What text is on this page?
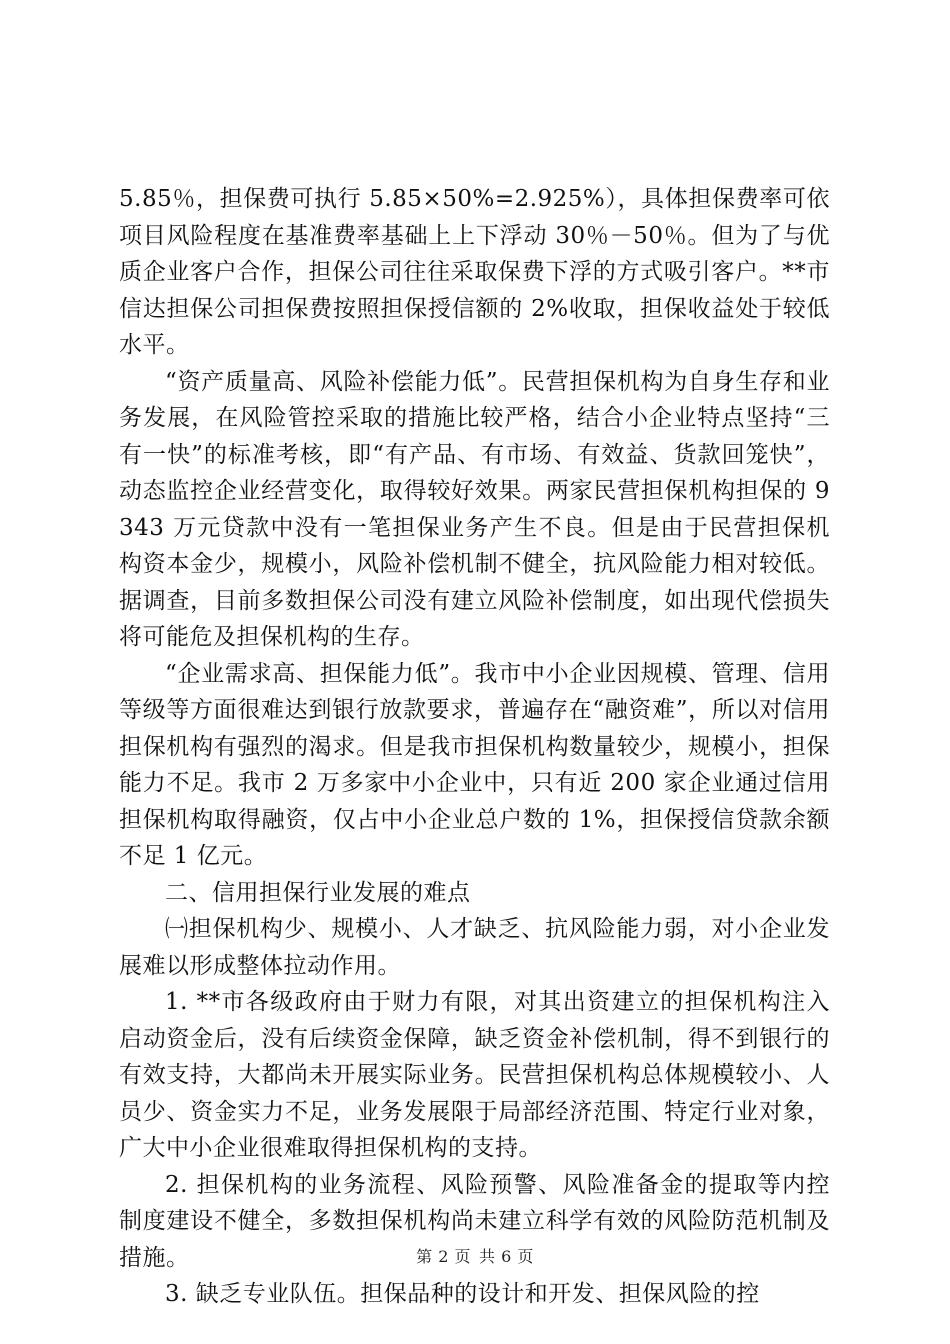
5.85％，担保费可执行 5.85×50%=2.925%），具体担保费率可依项目风险程度在基准费率基础上上下浮动 30％－50％。但为了与优质企业客户合作，担保公司往往采取保费下浮的方式吸引客户。**市信达担保公司担保费按照担保授信额的 2%收取，担保收益处于较低水平。

“资产质量高、风险补偿能力低”。民营担保机构为自身生存和业务发展，在风险管控采取的措施比较严格，结合小企业特点坚持“三有一快”的标准考核，即“有产品、有市场、有效益、货款回笼快”，动态监控企业经营变化，取得较好效果。两家民营担保机构担保的 9343 万元贷款中没有一笔担保业务产生不良。但是由于民营担保机构资本金少，规模小，风险补偿机制不健全，抗风险能力相对较低。据调查，目前多数担保公司没有建立风险补偿制度，如出现代偿损失将可能危及担保机构的生存。

“企业需求高、担保能力低”。我市中小企业因规模、管理、信用等级等方面很难达到银行放款要求，普遍存在“融资难”，所以对信用担保机构有强烈的渴求。但是我市担保机构数量较少，规模小，担保能力不足。我市 2 万多家中小企业中，只有近 200 家企业通过信用担保机构取得融资，仅占中小企业总户数的 1%，担保授信贷款余额不足 1 亿元。

二、信用担保行业发展的难点

㈠担保机构少、规模小、人才缺乏、抗风险能力弱，对小企业发展难以形成整体拉动作用。

1. **市各级政府由于财力有限，对其出资建立的担保机构注入启动资金后，没有后续资金保障，缺乏资金补偿机制，得不到银行的有效支持，大都尚未开展实际业务。民营担保机构总体规模较小、人员少、资金实力不足，业务发展限于局部经济范围、特定行业对象，广大中小企业很难取得担保机构的支持。

2. 担保机构的业务流程、风险预警、风险准备金的提取等内控制度建设不健全，多数担保机构尚未建立科学有效的风险防范机制及措施。

3. 缺乏专业队伍。担保品种的设计和开发、担保风险的控

第 2 页 共 6 页
